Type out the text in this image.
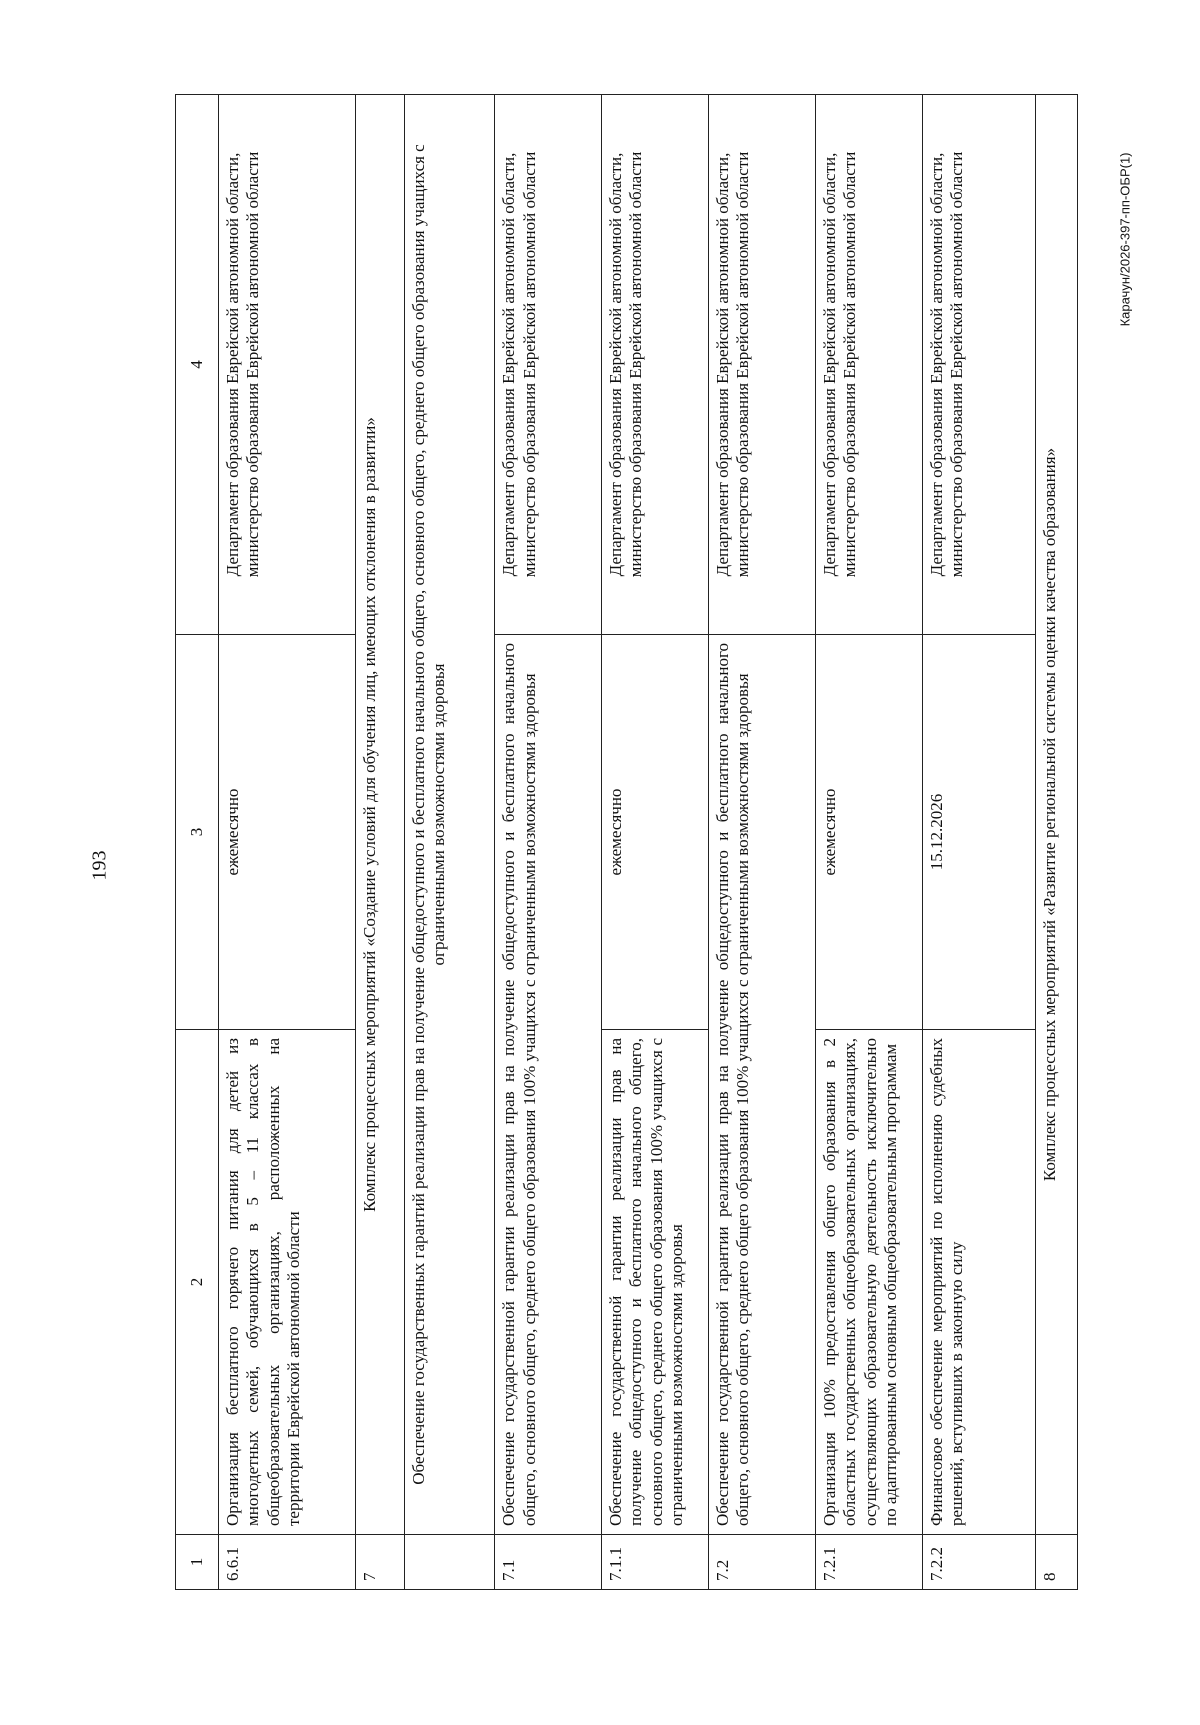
193
1	2	3	4
6.6.1	Организация бесплатного горячего питания для детей из многодетных семей, обучающихся в 5 – 11 классах в общеобразовательных организациях, расположенных на территории Еврейской автономной области	ежемесячно	Департамент образования Еврейской автономной области, министерство образования Еврейской автономной области
7	Комплекс процессных мероприятий «Создание условий для обучения лиц, имеющих отклонения в развитии»		
	Обеспечение государственных гарантий реализации прав на получение общедоступного и бесплатного начального общего, основного общего, среднего общего образования учащихся с ограниченными возможностями здоровья		
7.1	Обеспечение государственной гарантии реализации прав на получение общедоступного и бесплатного начального общего, основного общего, среднего общего образования 100% учащихся с ограниченными возможностями здоровья		Департамент образования Еврейской автономной области, министерство образования Еврейской автономной области
7.1.1	Обеспечение государственной гарантии реализации прав на получение общедоступного и бесплатного начального общего, основного общего, среднего общего образования 100% учащихся с ограниченными возможностями здоровья	ежемесячно	Департамент образования Еврейской автономной области, министерство образования Еврейской автономной области
7.2	Обеспечение государственной гарантии реализации прав на получение общедоступного и бесплатного начального общего, основного общего, среднего общего образования 100% учащихся с ограниченными возможностями здоровья		Департамент образования Еврейской автономной области, министерство образования Еврейской автономной области
7.2.1	Организация 100% предоставления общего образования в 2 областных государственных общеобразовательных организациях, осуществляющих образовательную деятельность исключительно по адаптированным основным общеобразовательным программам	ежемесячно	Департамент образования Еврейской автономной области, министерство образования Еврейской автономной области
7.2.2	Финансовое обеспечение мероприятий по исполнению судебных решений, вступивших в законную силу	15.12.2026	Департамент образования Еврейской автономной области, министерство образования Еврейской автономной области
8	Комплекс процессных мероприятий «Развитие региональной системы оценки качества образования»		
Карачун/2026-397-пп-ОБР(1)
